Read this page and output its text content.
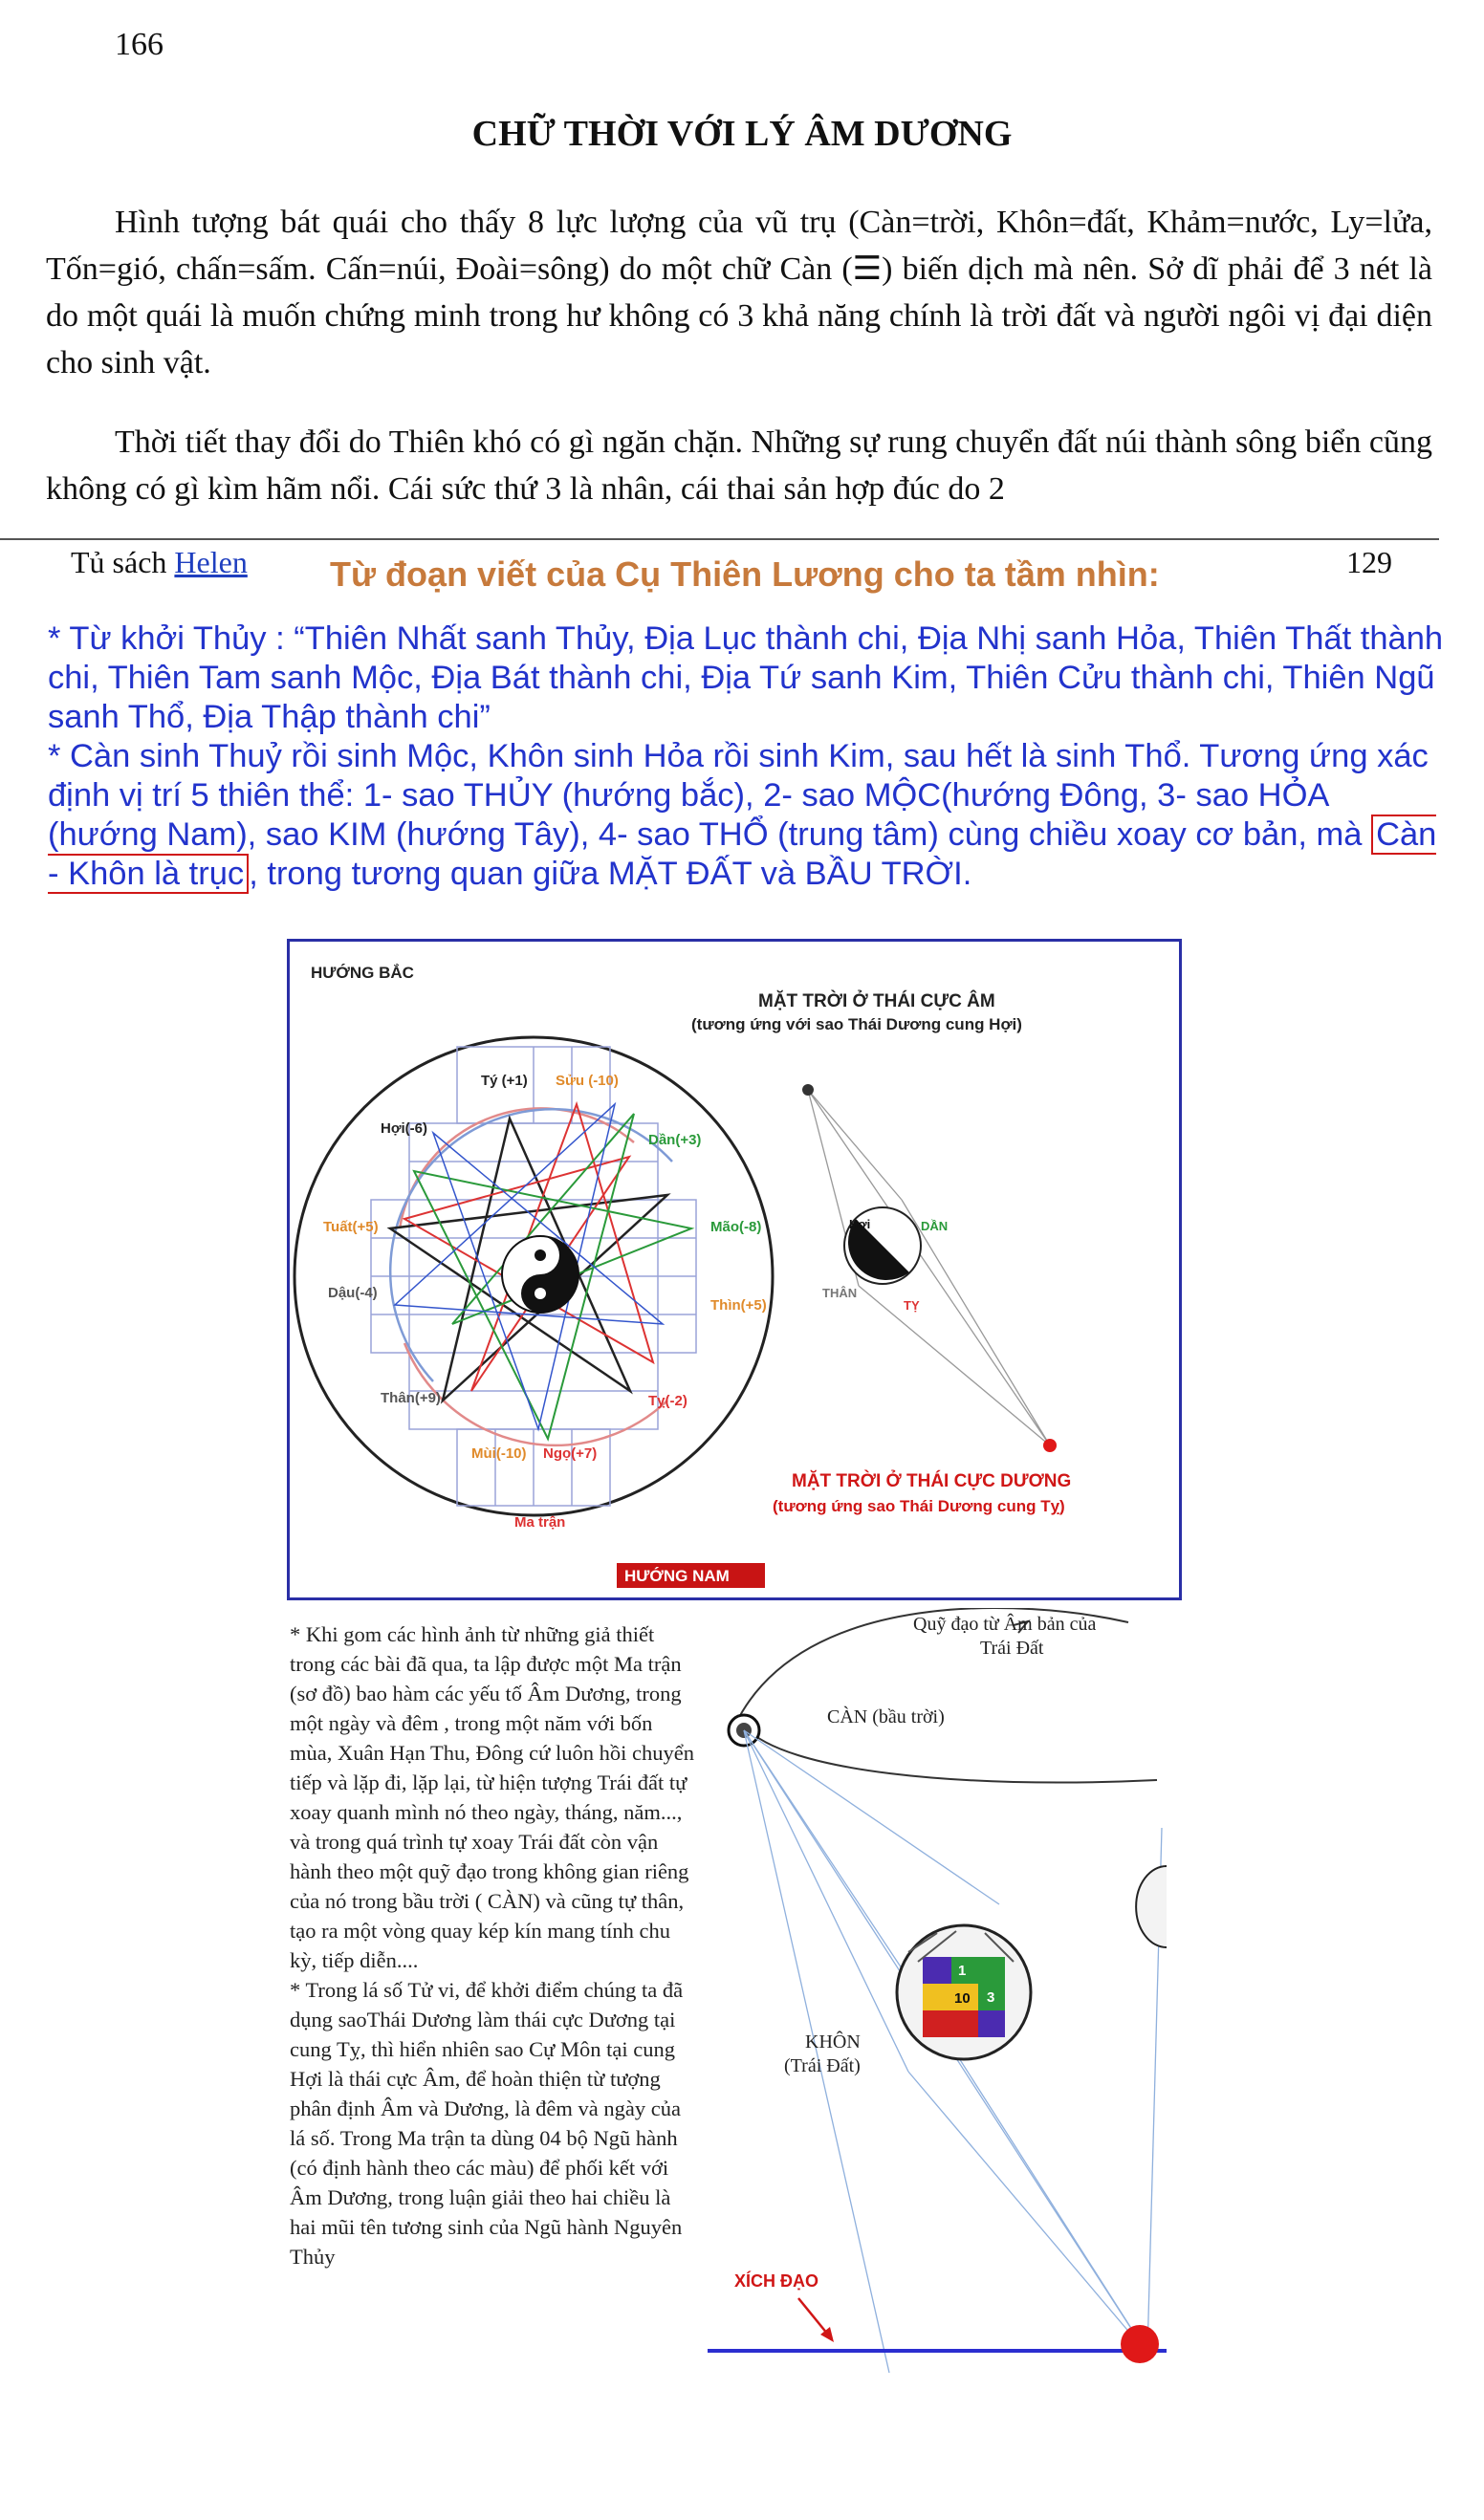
166
CHỮ THỜI VỚI LÝ ÂM DƯƠNG

Hình tượng bát quái cho thấy 8 lực lượng của vũ trụ (Càn=trời, Khôn=đất, Khảm=nước, Ly=lửa, Tốn=gió, chấn=sấm. Cấn=núi, Đoài=sông) do một chữ Càn (☰) biến dịch mà nên. Sở dĩ phải để 3 nét là do một quái là muốn chứng minh trong hư không có 3 khả năng chính là trời đất và người ngôi vị đại diện cho sinh vật.

Thời tiết thay đổi do Thiên khó có gì ngăn chặn. Những sự rung chuyển đất núi thành sông biển cũng không có gì kìm hãm nổi. Cái sức thứ 3 là nhân, cái thai sản hợp đúc do 2

Tủ sách Helen Từ đoạn viết của Cụ Thiên Lương cho ta tầm nhìn:	129

* Từ khởi Thủy : “Thiên Nhất sanh Thủy, Địa Lục thành chi, Địa Nhị sanh Hỏa, Thiên Thất thành chi, Thiên Tam sanh Mộc, Địa Bát thành chi, Địa Tứ sanh Kim, Thiên Cửu thành chi, Thiên Ngũ sanh Thổ, Địa Thập thành chi”

* Càn sinh Thuỷ rồi sinh Mộc, Khôn sinh Hỏa rồi sinh Kim, sau hết là sinh Thổ. Tương ứng xác định vị trí 5 thiên thể: 1- sao THỦY (hướng bắc), 2- sao MỘC(hướng Đông, 3- sao HỎA (hướng Nam), sao KIM (hướng Tây), 4- sao THỔ (trung tâm) cùng chiều xoay cơ bản, mà Càn - Khôn là trục , trong tương quan giữa MẶT ĐẤT và BẦU TRỜI.

Tý (+1) Sửu (-10)
Hợi(-6)
Dần(+3)
Tuất(+5)	Mão(-8)
Dậu(-4)
Thìn(+5)
Thân(+9)	Tỵ(-2)
Mùi(-10) Ngọ(+7)
Ma trận
HƯỚNG BẮC
HƯỚNG NAM
MẶT TRỜI Ở THÁI CỰC ÂM
(tương ứng với sao Thái Dương cung Hợi)
Hợi	DẦN
THÂN
TỴ
MẶT TRỜI Ở THÁI CỰC DƯƠNG
(tương ứng sao Thái Dương cung Tỵ)

* Khi gom các hình ảnh từ những giả thiết trong các bài đã qua, ta lập được một Ma trận (sơ đồ) bao hàm các yếu tố Âm Dương, trong một ngày và đêm , trong một năm với bốn mùa, Xuân Hạn Thu, Đông cứ luôn hồi chuyển tiếp và lặp đi, lặp lại, từ hiện tượng Trái đất tự xoay quanh mình nó theo ngày, tháng, năm..., và trong quá trình tự xoay Trái đất còn vận hành theo một quỹ đạo trong không gian riêng của nó trong bầu trời ( CÀN) và cũng tự thân, tạo ra một vòng quay kép kín mang tính chu kỳ, tiếp diễn....

* Trong lá số Tử vi, để khởi điểm chúng ta đã dụng saoThái Dương làm thái cực Dương tại cung Tỵ, thì hiển nhiên sao Cự Môn tại cung Hợi là thái cực Âm, để hoàn thiện từ tượng phân định Âm và Dương, là đêm và ngày của lá số. Trong Ma trận ta dùng 04 bộ Ngũ hành (có định hành theo các màu) để phối kết với Âm Dương, trong luận giải theo hai chiều là hai mũi tên tương sinh của Ngũ hành Nguyên Thủy

Quỹ đạo từ Âm bản của
Trái Đất
CÀN (bầu trời)
1
3
10
KHÔN
(Trái Đất)
XÍCH ĐẠO
